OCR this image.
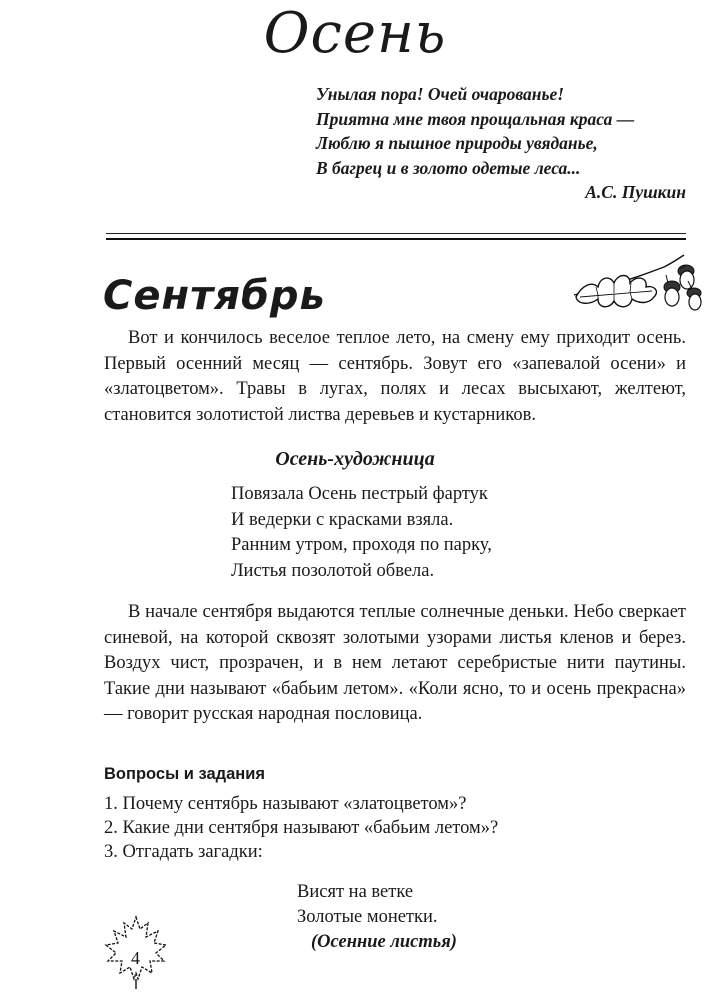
Осень
Унылая пора! Очей очарованье!
Приятна мне твоя прощальная краса —
Люблю я пышное природы увяданье,
В багрец и в золото одетые леса...
А.С. Пушкин
Сентябрь

Вот и кончилось веселое теплое лето, на смену ему приходит осень. Первый осенний месяц — сентябрь. Зовут его «запевалой осени» и «златоцветом». Травы в лугах, полях и лесах высыхают, желтеют, становится золотистой листва деревьев и кустарников.

Осень-художница
Повязала Осень пестрый фартук
И ведерки с красками взяла.
Ранним утром, проходя по парку,
Листья позолотой обвела.

В начале сентября выдаются теплые солнечные деньки. Небо сверкает синевой, на которой сквозят золотыми узорами листья кленов и берез. Воздух чист, прозрачен, и в нем летают серебристые нити паутины. Такие дни называют «бабьим летом». «Коли ясно, то и осень прекрасна» — говорит русская народная пословица.

Вопросы и задания
1. Почему сентябрь называют «златоцветом»?
2. Какие дни сентября называют «бабьим летом»?
3. Отгадать загадки:
Висят на ветке
Золотые монетки.
(Осенние листья)
4
